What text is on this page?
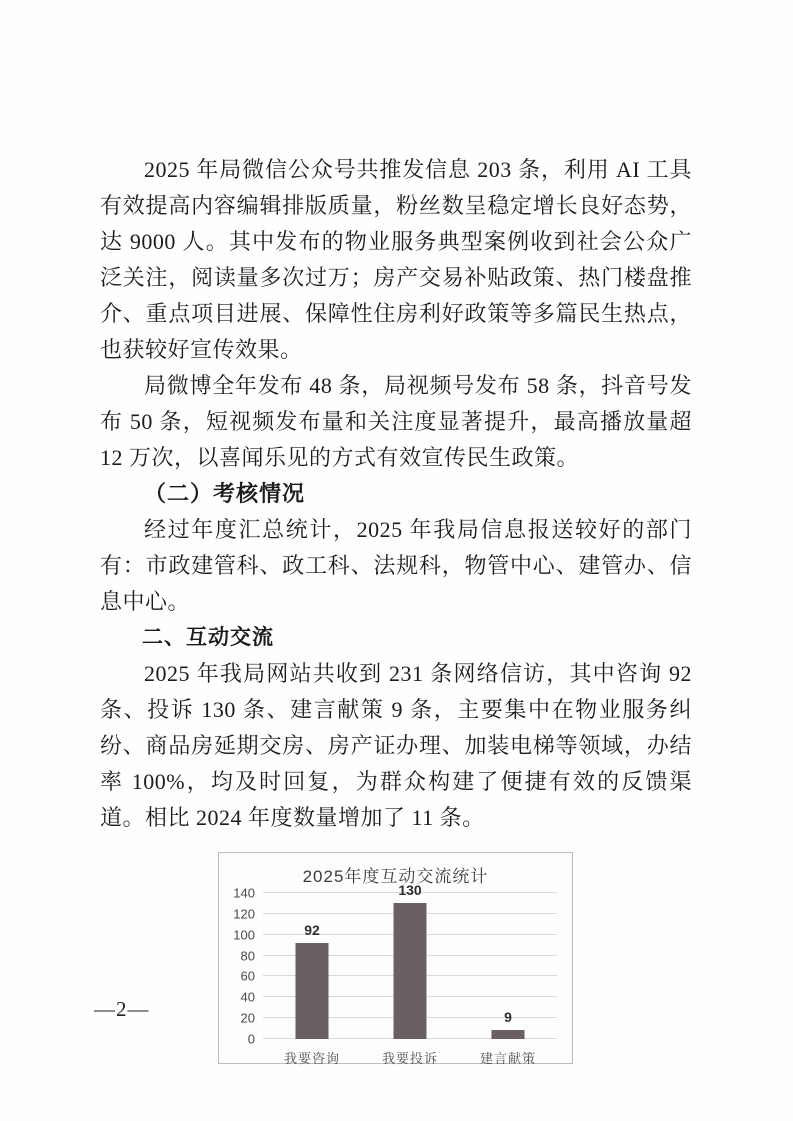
2025 年局微信公众号共推发信息 203 条，利用 AI 工具有效提高内容编辑排版质量，粉丝数呈稳定增长良好态势，达 9000 人。其中发布的物业服务典型案例收到社会公众广泛关注，阅读量多次过万；房产交易补贴政策、热门楼盘推介、重点项目进展、保障性住房利好政策等多篇民生热点，也获较好宣传效果。

局微博全年发布 48 条，局视频号发布 58 条，抖音号发布 50 条，短视频发布量和关注度显著提升，最高播放量超 12 万次，以喜闻乐见的方式有效宣传民生政策。

（二）考核情况

经过年度汇总统计，2025 年我局信息报送较好的部门有：市政建管科、政工科、法规科，物管中心、建管办、信息中心。

二、互动交流

2025 年我局网站共收到 231 条网络信访，其中咨询 92 条、投诉 130 条、建言献策 9 条，主要集中在物业服务纠纷、商品房延期交房、房产证办理、加装电梯等领域，办结率 100%，均及时回复，为群众构建了便捷有效的反馈渠道。相比 2024 年度数量增加了 11 条。

2025年度互动交流统计
0
20
40
60
80
100
120
140
92
我要咨询
130
我要投诉
9
建言献策
—2—
